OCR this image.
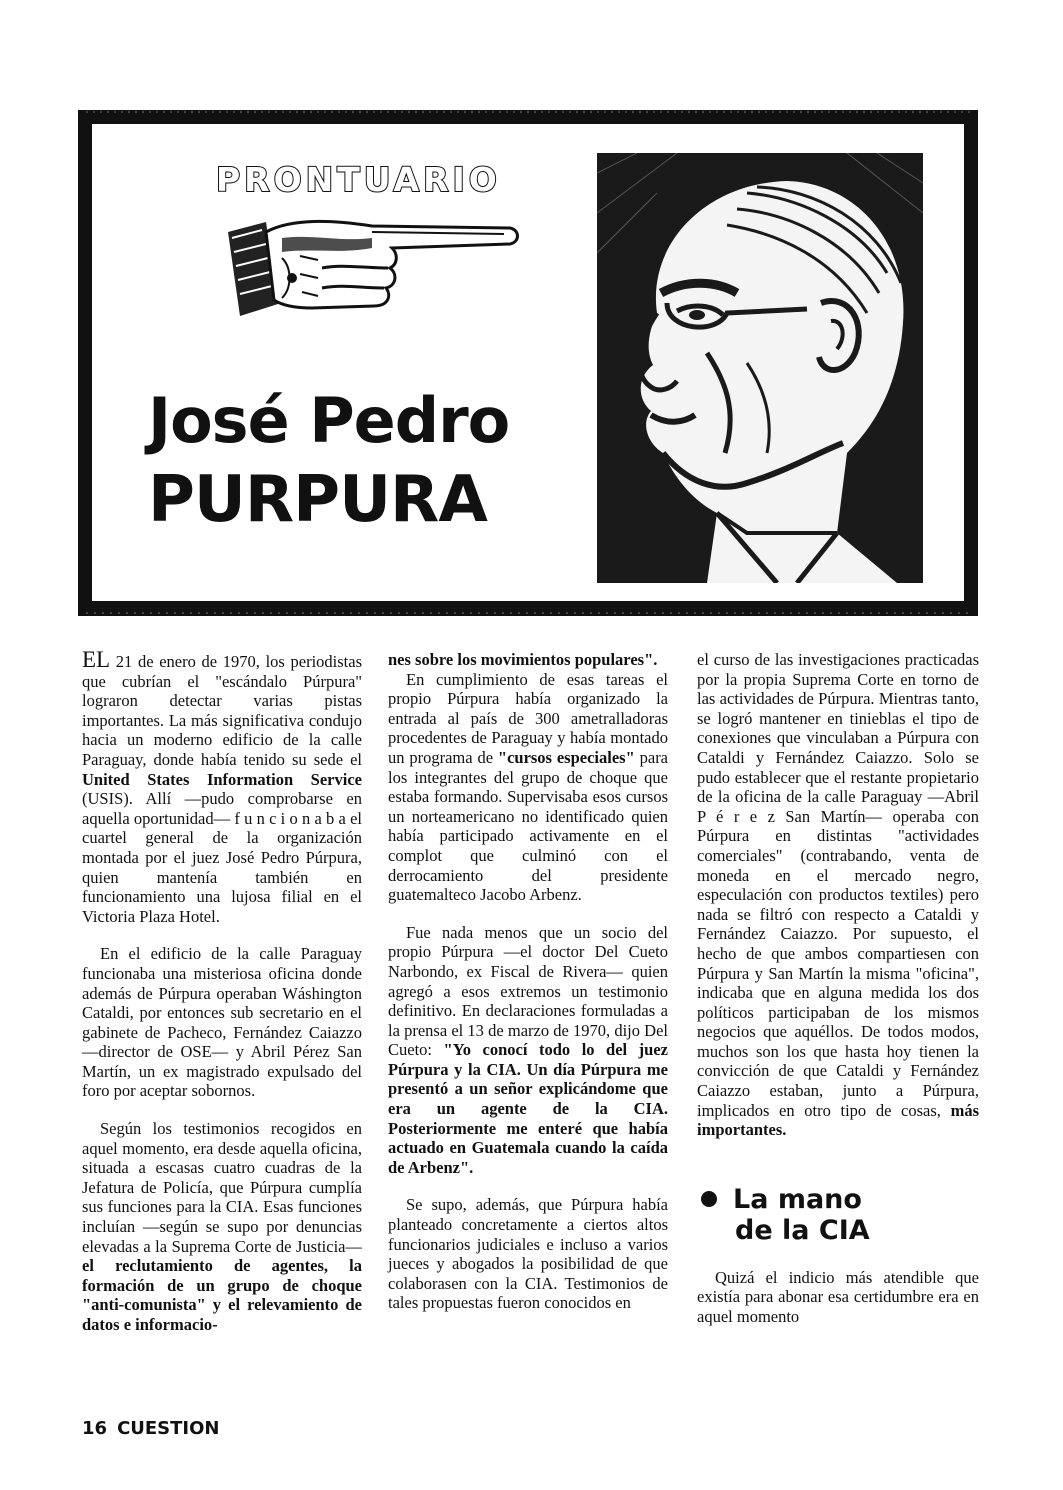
PRONTUARIO
José Pedro
PURPURA

EL 21 de enero de 1970, los periodistas que cubrían el "escándalo Púrpura" lograron detectar varias pistas importantes. La más significativa condujo hacia un moderno edificio de la calle Paraguay, donde había tenido su sede el United States Information Service (USIS). Allí —pudo comprobarse en aquella oportunidad— f u n c i o n a b a el cuartel general de la organización montada por el juez José Pedro Púrpura, quien mantenía también en funcionamiento una lujosa filial en el Victoria Plaza Hotel.

En el edificio de la calle Paraguay funcionaba una misteriosa oficina donde además de Púrpura operaban Wáshington Cataldi, por entonces sub secretario en el gabinete de Pacheco, Fernández Caiazzo —director de OSE— y Abril Pérez San Martín, un ex magistrado expulsado del foro por aceptar sobornos.

Según los testimonios recogidos en aquel momento, era desde aquella oficina, situada a escasas cuatro cuadras de la Jefatura de Policía, que Púrpura cumplía sus funciones para la CIA. Esas funciones incluían —según se supo por denuncias elevadas a la Suprema Corte de Justicia— el reclutamiento de agentes, la formación de un grupo de choque "anti-comunista" y el relevamiento de datos e informacio-

nes sobre los movimientos populares".

En cumplimiento de esas tareas el propio Púrpura había organizado la entrada al país de 300 ametralladoras procedentes de Paraguay y había montado un programa de "cursos especiales" para los integrantes del grupo de choque que estaba formando. Supervisaba esos cursos un norteamericano no identificado quien había participado activamente en el complot que culminó con el derrocamiento del presidente guatemalteco Jacobo Arbenz.

Fue nada menos que un socio del propio Púrpura —el doctor Del Cueto Narbondo, ex Fiscal de Rivera— quien agregó a esos extremos un testimonio definitivo. En declaraciones formuladas a la prensa el 13 de marzo de 1970, dijo Del Cueto: "Yo conocí todo lo del juez Púrpura y la CIA. Un día Púrpura me presentó a un señor explicándome que era un agente de la CIA. Posteriormente me enteré que había actuado en Guatemala cuando la caída de Arbenz".

Se supo, además, que Púrpura había planteado concretamente a ciertos altos funcionarios judiciales e incluso a varios jueces y abogados la posibilidad de que colaborasen con la CIA. Testimonios de tales propuestas fueron conocidos en

el curso de las investigaciones practicadas por la propia Suprema Corte en torno de las actividades de Púrpura. Mientras tanto, se logró mantener en tinieblas el tipo de conexiones que vinculaban a Púrpura con Cataldi y Fernández Caiazzo. Solo se pudo establecer que el restante propietario de la oficina de la calle Paraguay —Abril P é r e z San Martín— operaba con Púrpura en distintas "actividades comerciales" (contrabando, venta de moneda en el mercado negro, especulación con productos textiles) pero nada se filtró con respecto a Cataldi y Fernández Caiazzo. Por supuesto, el hecho de que ambos compartiesen con Púrpura y San Martín la misma "oficina", indicaba que en alguna medida los dos políticos participaban de los mismos negocios que aquéllos. De todos modos, muchos son los que hasta hoy tienen la convicción de que Cataldi y Fernández Caiazzo estaban, junto a Púrpura, implicados en otro tipo de cosas, más importantes.

La mano
de la CIA

Quizá el indicio más atendible que existía para abonar esa certidumbre era en aquel momento

16 CUESTION
